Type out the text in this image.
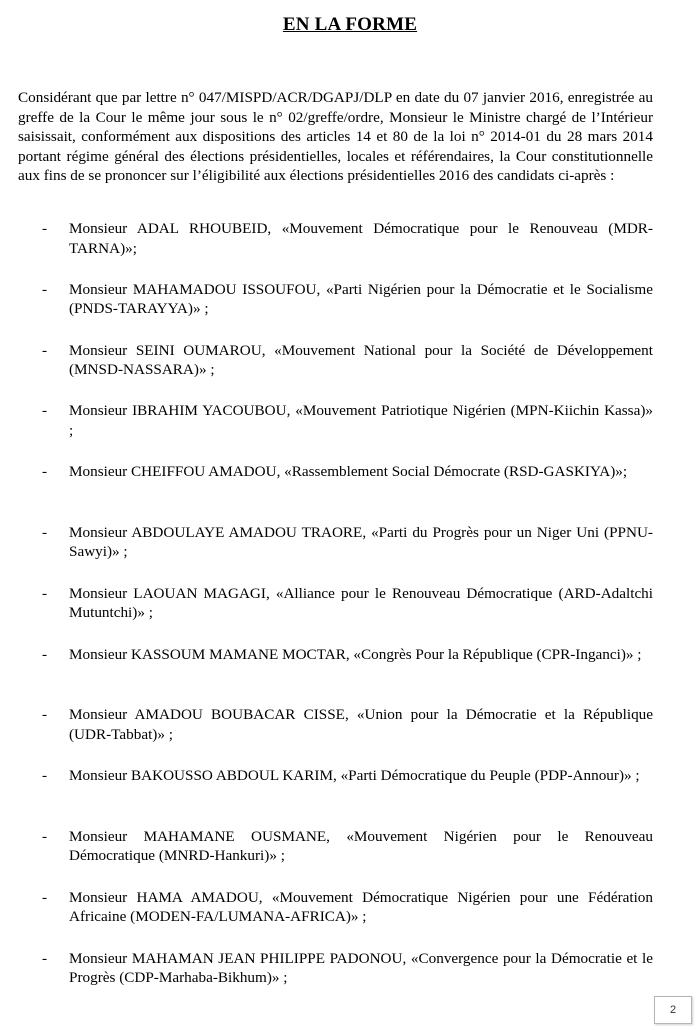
EN LA FORME

Considérant que par lettre n° 047/MISPD/ACR/DGAPJ/DLP en date du 07 janvier 2016, enregistrée au greffe de la Cour le même jour sous le n° 02/greffe/ordre, Monsieur le Ministre chargé de l’Intérieur saisissait, conformément aux dispositions des articles 14 et 80 de la loi n° 2014-01 du 28 mars 2014 portant régime général des élections présidentielles, locales et référendaires, la Cour constitutionnelle aux fins de se prononcer sur l’éligibilité aux élections présidentielles 2016 des candidats ci-après :

- Monsieur ADAL RHOUBEID, «Mouvement Démocratique pour le Renouveau (MDR-TARNA)»;
- Monsieur MAHAMADOU ISSOUFOU, «Parti Nigérien pour la Démocratie et le Socialisme (PNDS-TARAYYA)» ;
- Monsieur SEINI OUMAROU, «Mouvement National pour la Société de Développement (MNSD-NASSARA)» ;
- Monsieur IBRAHIM YACOUBOU, «Mouvement Patriotique Nigérien (MPN-Kiichin Kassa)» ;
- Monsieur CHEIFFOU AMADOU, «Rassemblement Social Démocrate (RSD-GASKIYA)»;
- Monsieur ABDOULAYE AMADOU TRAORE, «Parti du Progrès pour un Niger Uni (PPNU-Sawyi)» ;
- Monsieur LAOUAN MAGAGI, «Alliance pour le Renouveau Démocratique (ARD-Adaltchi Mutuntchi)» ;
- Monsieur KASSOUM MAMANE MOCTAR, «Congrès Pour la République (CPR-Inganci)» ;
- Monsieur AMADOU BOUBACAR CISSE, «Union pour la Démocratie et la République (UDR-Tabbat)» ;
- Monsieur BAKOUSSO ABDOUL KARIM, «Parti Démocratique du Peuple (PDP-Annour)» ;
- Monsieur MAHAMANE OUSMANE, «Mouvement Nigérien pour le Renouveau Démocratique (MNRD-Hankuri)» ;
- Monsieur HAMA AMADOU, «Mouvement Démocratique Nigérien pour une Fédération Africaine (MODEN-FA/LUMANA-AFRICA)» ;
- Monsieur MAHAMAN JEAN PHILIPPE PADONOU, «Convergence pour la Démocratie et le Progrès (CDP-Marhaba-Bikhum)» ;
2
